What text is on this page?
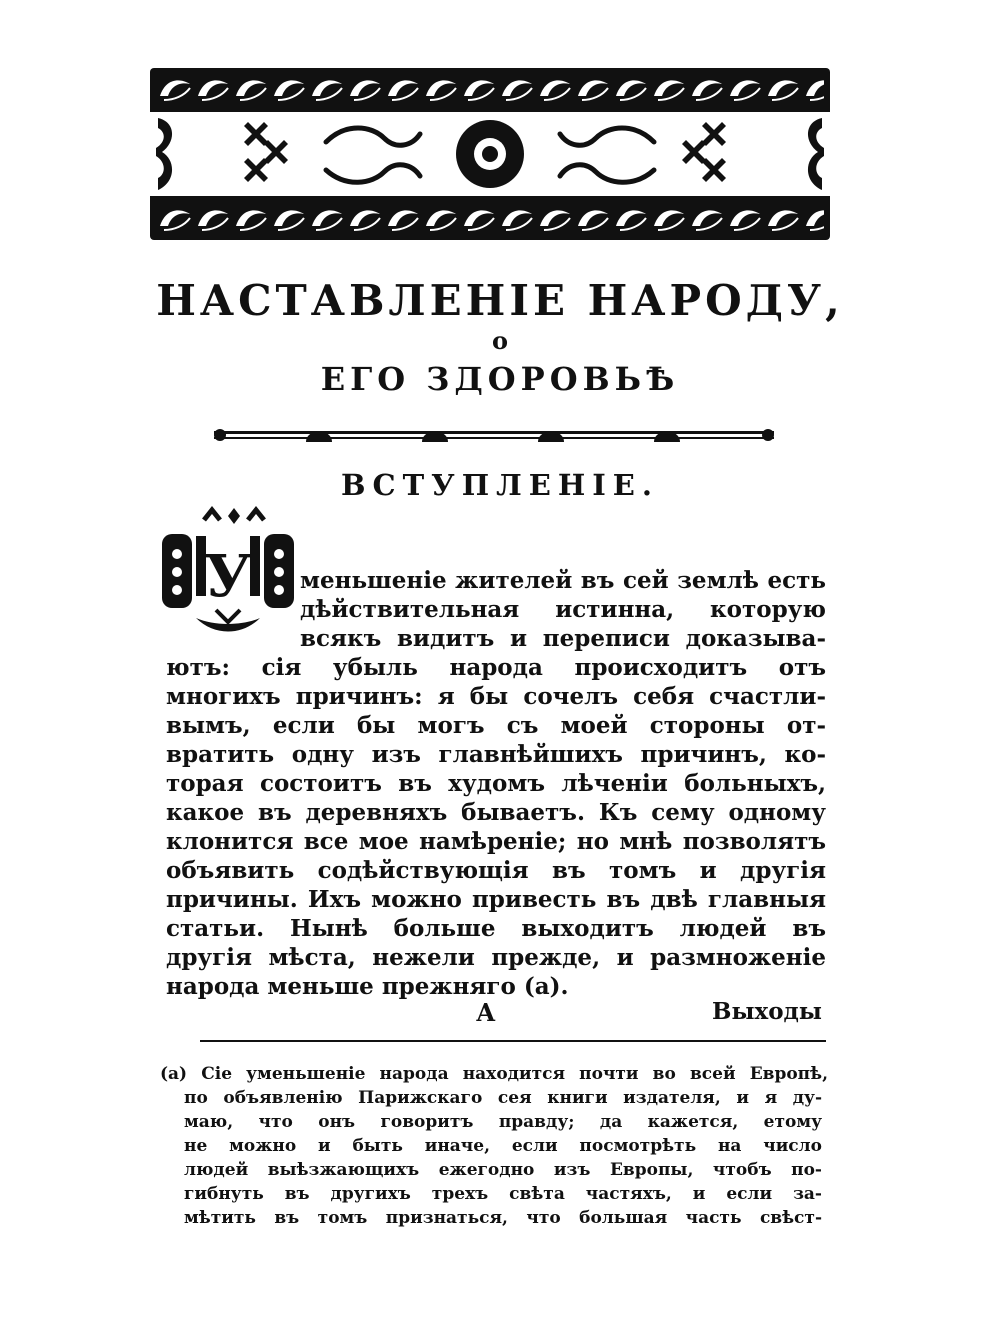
НАСТАВЛЕНІЕ НАРОДУ,
о
ЕГО ЗДОРОВЬѢ
ВСТУПЛЕНІЕ.
У	меньшеніе жителей въ сей землѣ есть
дѣйствительная истинна, которую
всякъ видитъ и переписи доказыва-
ютъ: сія убыль народа происходитъ отъ
многихъ причинъ: я бы сочелъ себя счастли-
вымъ, если бы могъ съ моей стороны от-
вратить одну изъ главнѣйшихъ причинъ, ко-
торая состоитъ въ худомъ лѣченіи больныхъ,
какое въ деревняхъ бываетъ. Къ сему одному
клонится все мое намѣреніе; но мнѣ позволятъ
объявить содѣйствующія въ томъ и другія
причины. Ихъ можно привесть въ двѣ главныя
статьи. Нынѣ больше выходитъ людей въ
другія мѣста, нежели прежде, и размноженіе
народа меньше прежняго (a).
А	Выходы
(a) Сіе уменьшеніе народа находится почти во всей Европѣ,
по объявленію Парижскаго сея книги издателя, и я ду-
маю, что онъ говоритъ правду; да кажется, етому
не можно и быть иначе, если посмотрѣть на число
людей выѣзжающихъ ежегодно изъ Европы, чтобъ по-
гибнуть въ другихъ трехъ свѣта частяхъ, и если за-
мѣтить въ томъ признаться, что большая часть свѣст-
